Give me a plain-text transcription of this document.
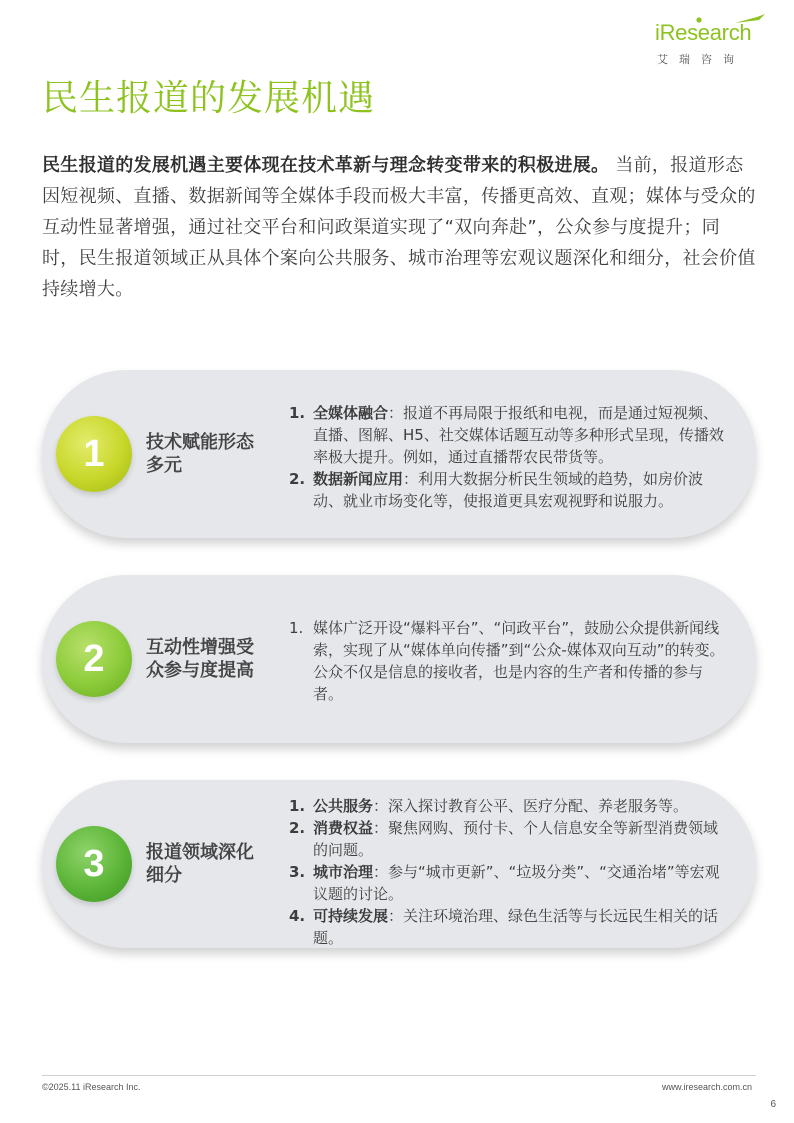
iResearch
艾瑞咨询
民生报道的发展机遇

民生报道的发展机遇主要体现在技术革新与理念转变带来的积极进展。 当前，报道形态因短视频、直播、数据新闻等全媒体手段而极大丰富，传播更高效、直观；媒体与受众的互动性显著增强，通过社交平台和问政渠道实现了“双向奔赴”，公众参与度提升；同时，民生报道领域正从具体个案向公共服务、城市治理等宏观议题深化和细分，社会价值持续增大。

1	技术赋能形态多元
1. 全媒体融合：报道不再局限于报纸和电视，而是通过短视频、直播、图解、H5、社交媒体话题互动等多种形式呈现，传播效率极大提升。例如，通过直播帮农民带货等。
2. 数据新闻应用：利用大数据分析民生领域的趋势，如房价波动、就业市场变化等，使报道更具宏观视野和说服力。
2	互动性增强受众参与度提高
1. 媒体广泛开设“爆料平台”、“问政平台”，鼓励公众提供新闻线索，实现了从“媒体单向传播”到“公众-媒体双向互动”的转变。公众不仅是信息的接收者，也是内容的生产者和传播的参与者。
3	报道领域深化细分
1. 公共服务：深入探讨教育公平、医疗分配、养老服务等。
2. 消费权益：聚焦网购、预付卡、个人信息安全等新型消费领域的问题。
3. 城市治理：参与“城市更新”、“垃圾分类”、“交通治堵”等宏观议题的讨论。
4. 可持续发展：关注环境治理、绿色生活等与长远民生相关的话题。
©2025.11 iResearch Inc.	www.iresearch.com.cn
6
